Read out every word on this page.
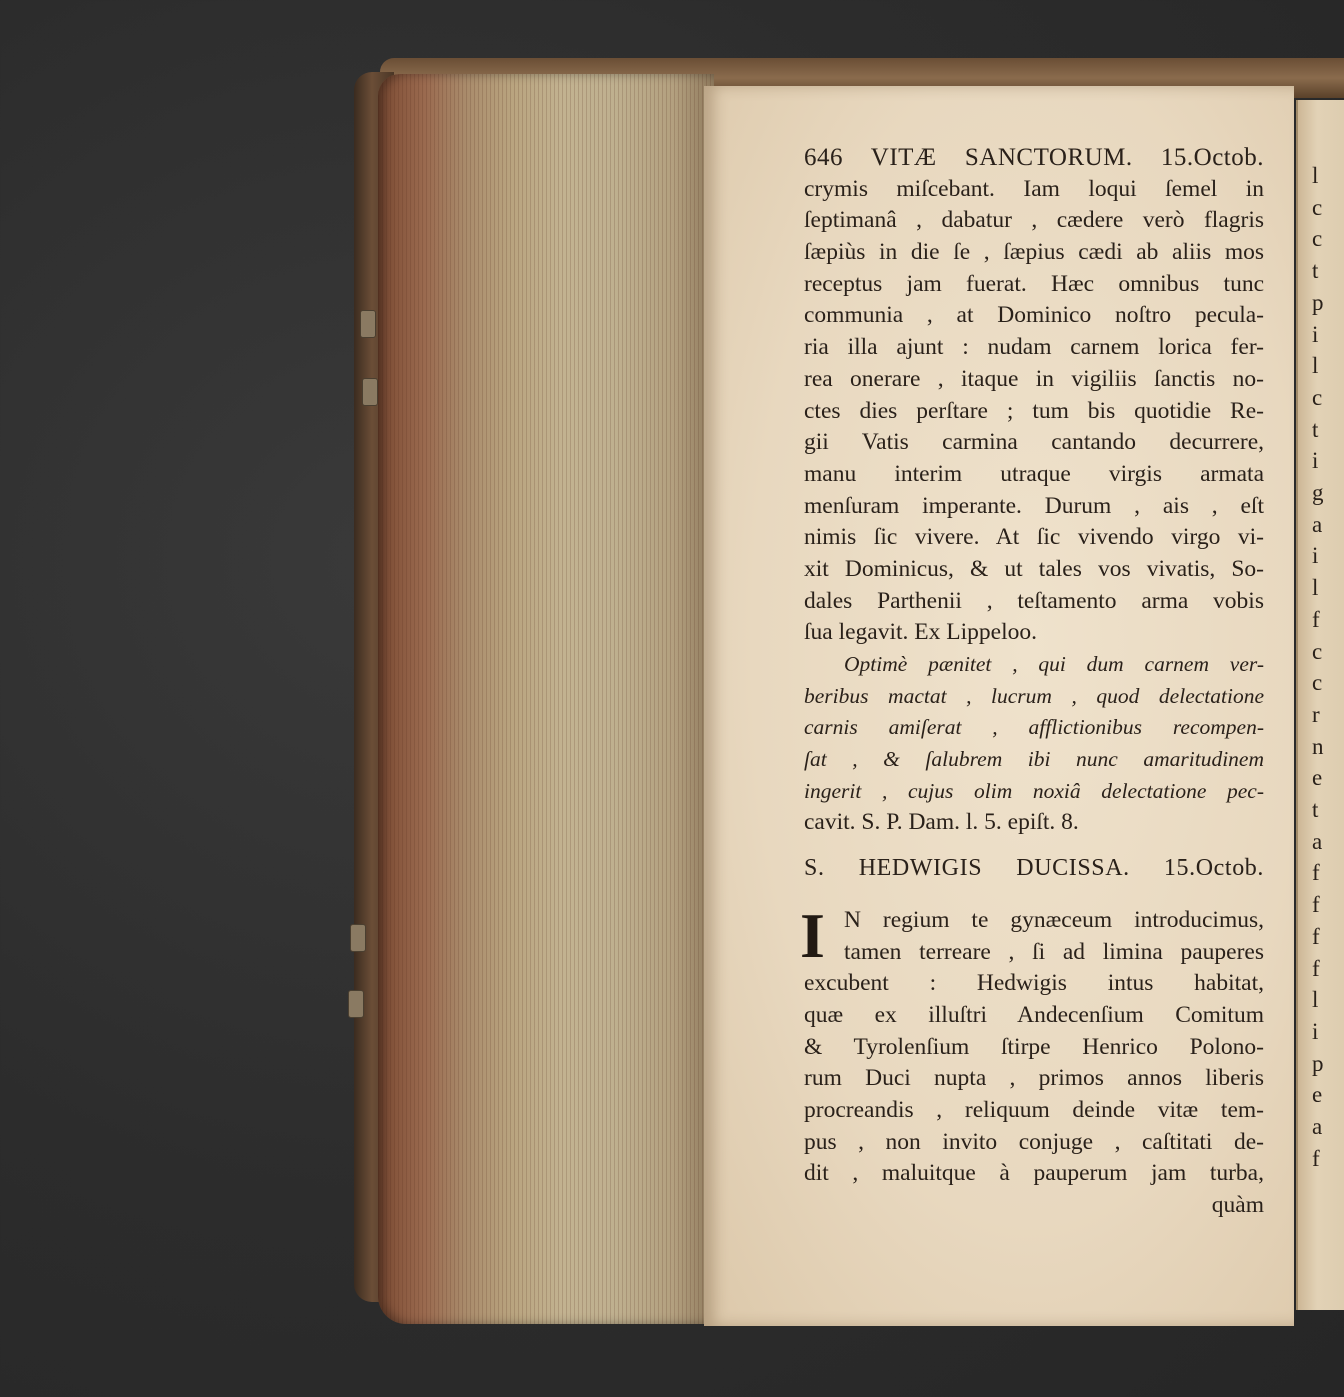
646 VITÆ SANCTORUM. 15.Octob.
crymis miſcebant. Iam loqui ſemel in
ſeptimanâ , dabatur , cædere verò flagris
ſæpiùs in die ſe , ſæpius cædi ab aliis mos
receptus jam fuerat. Hæc omnibus tunc
communia , at Dominico noſtro pecula-
ria illa ajunt : nudam carnem lorica fer-
rea onerare , itaque in vigiliis ſanctis no-
ctes dies perſtare ; tum bis quotidie Re-
gii Vatis carmina cantando decurrere,
manu interim utraque virgis armata
menſuram imperante. Durum , ais , eſt
nimis ſic vivere. At ſic vivendo virgo vi-
xit Dominicus, & ut tales vos vivatis, So-
dales Parthenii , teſtamento arma vobis
ſua legavit. Ex Lippeloo.
Optimè pænitet , qui dum carnem ver-
beribus mactat , lucrum , quod delectatione
carnis amiſerat , afflictionibus recompen-
ſat , & ſalubrem ibi nunc amaritudinem
ingerit , cujus olim noxiâ delectatione pec-
cavit. S. P. Dam. l. 5. epiſt. 8.
S. HEDWIGIS DUCISSA. 15.Octob.
I N regium te gynæceum introducimus,
tamen terreare , ſi ad limina pauperes
excubent : Hedwigis intus habitat,
quæ ex illuſtri Andecenſium Comitum
& Tyrolenſium ſtirpe Henrico Polono-
rum Duci nupta , primos annos liberis
procreandis , reliquum deinde vitæ tem-
pus , non invito conjuge , caſtitati de-
dit , maluitque à pauperum jam turba,
quàm
l
c
c
t
p
i
l
c
t
i
g
a
i
l
f
c
c
r
n
e
t
a
f
f
f
f
l
i
p
e
a
f
